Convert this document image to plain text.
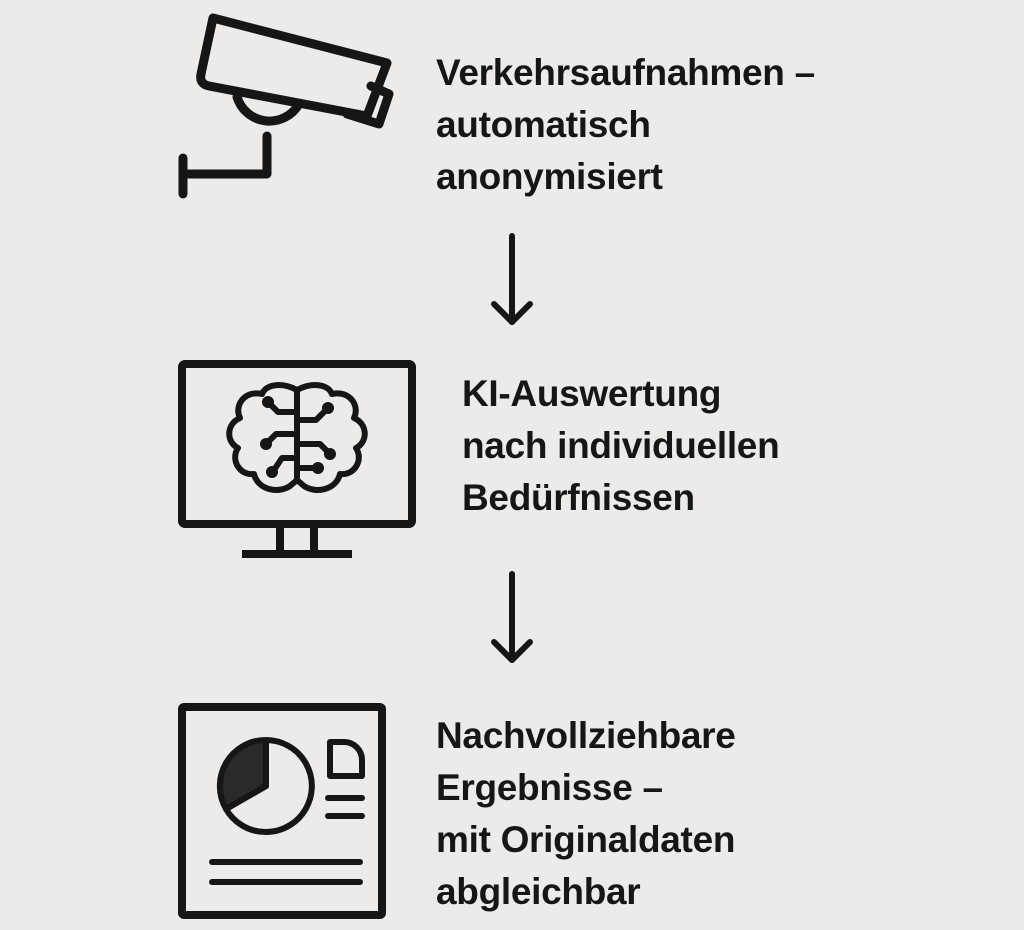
Verkehrsaufnahmen –
automatisch
anonymisiert

KI-Auswertung
nach individuellen
Bedürfnissen

Nachvollziehbare
Ergebnisse –
mit Originaldaten
abgleichbar
